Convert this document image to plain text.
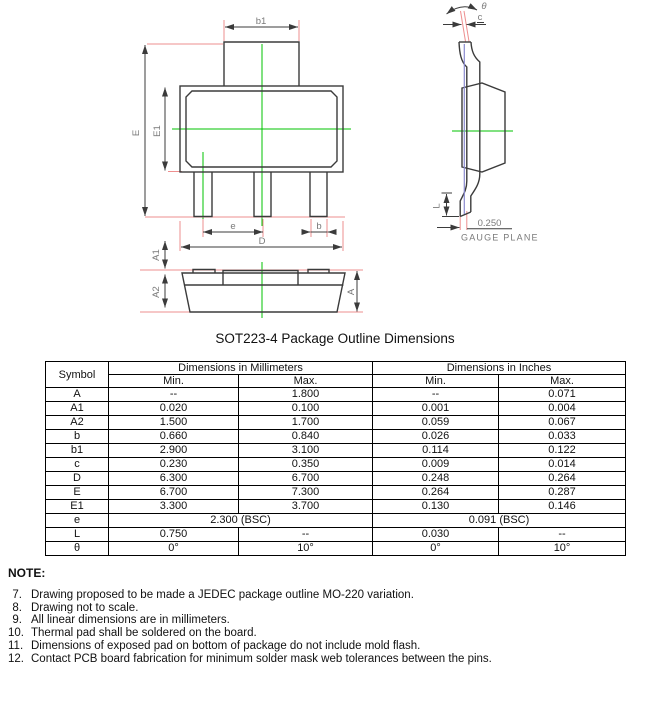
b1
E E1
e	b
D
A1
A2	A
θ
c
L
0.250
GAUGE PLANE
SOT223-4 Package Outline Dimensions
Symbol	Dimensions in Millimeters		Dimensions in Inches	
	Min.	Max.	Min.	Max.
A	--	1.800	--	0.071
A1	0.020	0.100	0.001	0.004
A2	1.500	1.700	0.059	0.067
b	0.660	0.840	0.026	0.033
b1	2.900	3.100	0.114	0.122
c	0.230	0.350	0.009	0.014
D	6.300	6.700	0.248	0.264
E	6.700	7.300	0.264	0.287
E1	3.300	3.700	0.130	0.146
e	2.300 (BSC)		0.091 (BSC)	
L	0.750	--	0.030	--
θ	0°	10°	0°	10°
NOTE:
7. Drawing proposed to be made a JEDEC package outline MO-220 variation.
8. Drawing not to scale.
9. All linear dimensions are in millimeters.
10. Thermal pad shall be soldered on the board.
11. Dimensions of exposed pad on bottom of package do not include mold flash.
12. Contact PCB board fabrication for minimum solder mask web tolerances between the pins.
